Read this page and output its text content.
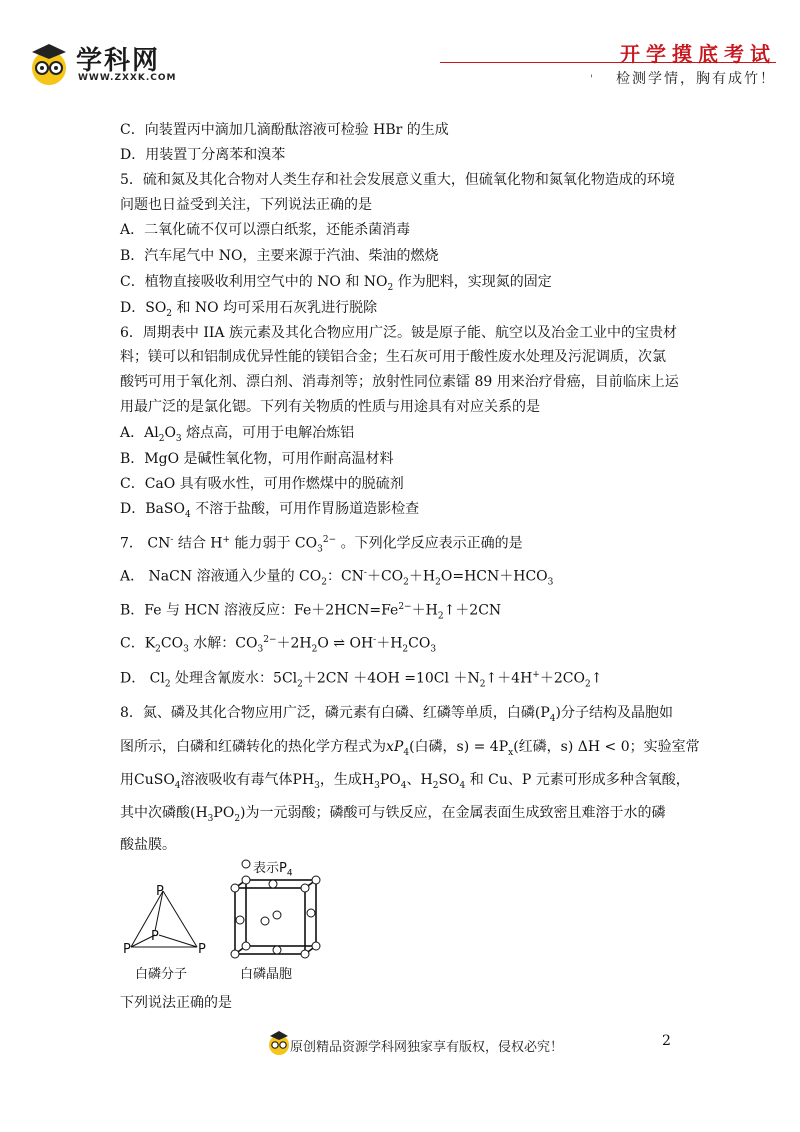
学科网
WWW.ZXXK.COM
开学摸底考试
' 检测学情，胸有成竹！
C．向装置丙中滴加几滴酚酞溶液可检验 HBr 的生成
D．用装置丁分离苯和溴苯
5．硫和氮及其化合物对人类生存和社会发展意义重大，但硫氧化物和氮氧化物造成的环境
问题也日益受到关注，下列说法正确的是
A．二氧化硫不仅可以漂白纸浆，还能杀菌消毒
B．汽车尾气中 NO，主要来源于汽油、柴油的燃烧
C．植物直接吸收利用空气中的 NO 和 $NO_2$ 作为肥料，实现氮的固定
D．$SO_2$ 和 NO 均可采用石灰乳进行脱除
6．周期表中 IIA 族元素及其化合物应用广泛。铍是原子能、航空以及冶金工业中的宝贵材
料；镁可以和铝制成优异性能的镁铝合金；生石灰可用于酸性废水处理及污泥调质，次氯
酸钙可用于氧化剂、漂白剂、消毒剂等；放射性同位素镭 89 用来治疗骨癌，目前临床上运
用最广泛的是氯化锶。下列有关物质的性质与用途具有对应关系的是
A．$Al_2O_3$ 熔点高，可用于电解冶炼铝
B．MgO 是碱性氧化物，可用作耐高温材料
C．CaO 具有吸水性，可用作燃煤中的脱硫剂
D．BaSO$_4$ 不溶于盐酸，可用作胃肠道造影检查
7． CN- 结合 H+ 能力弱于 $CO_3^{2-}$ 。下列化学反应表示正确的是
A． NaCN 溶液通入少量的 $CO_2$：$CN^-+CO_2+H_2O=HCN+HCO_3$
B．Fe 与 HCN 溶液反应：$Fe+2HCN=Fe^{2-}+H_2↑+2CN$
C．$K_2CO_3$ 水解：$CO_3^{2-}+2H_2O$ ⇌ $OH^-+H_2CO_3$
D． $Cl_2$ 处理含氰废水：$5Cl_2+2CN +4OH =10Cl$ $+N_2↑+4H^++2CO_2↑$
8．氮、磷及其化合物应用广泛，磷元素有白磷、红磷等单质，白磷$(P_4)$分子结构及晶胞如
图所示，白磷和红磷转化的热化学方程式为$xP_4$(白磷，$s) = 4P_x$(红磷，s) ΔH < 0；实验室常
用CuSO$_4$溶液吸收有毒气体$PH_3$，生成$H_3PO_4$、$H_2SO_4$ 和 Cu、P 元素可形成多种含氧酸，
其中次磷酸$(H_3PO_2)$为一元弱酸；磷酸可与铁反应，在金属表面生成致密且难溶于水的磷
酸盐膜。
P
P
P	P
白磷分子	白磷晶胞
表示$P_4$
下列说法正确的是
原创精品资源学科网独家享有版权，侵权必究！	2
